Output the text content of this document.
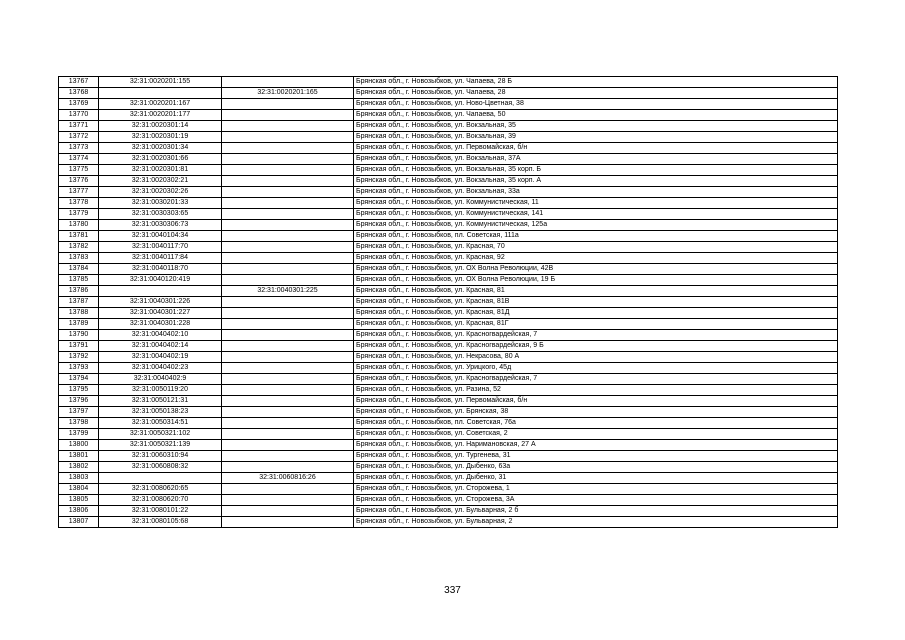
13767	32:31:0020201:155		Брянская обл., г. Новозыбков, ул. Чапаева, 28 Б
13768		32:31:0020201:165	Брянская обл., г. Новозыбков, ул. Чапаева, 28
13769	32:31:0020201:167		Брянская обл., г. Новозыбков, ул. Ново-Цветная, 38
13770	32:31:0020201:177		Брянская обл., г. Новозыбков, ул. Чапаева, 50
13771	32:31:0020301:14		Брянская обл., г. Новозыбков, ул. Вокзальная, 35
13772	32:31:0020301:19		Брянская обл., г. Новозыбков, ул. Вокзальная, 39
13773	32:31:0020301:34		Брянская обл., г. Новозыбков, ул. Первомайская, б/н
13774	32:31:0020301:66		Брянская обл., г. Новозыбков, ул. Вокзальная, 37А
13775	32:31:0020301:81		Брянская обл., г. Новозыбков, ул. Вокзальная, 35 корп. Б
13776	32:31:0020302:21		Брянская обл., г. Новозыбков, ул. Вокзальная, 35 корп. А
13777	32:31:0020302:26		Брянская обл., г. Новозыбков, ул. Вокзальная, 33а
13778	32:31:0030201:33		Брянская обл., г. Новозыбков, ул. Коммунистическая, 11
13779	32:31:0030303:65		Брянская обл., г. Новозыбков, ул. Коммунистическая, 141
13780	32:31:0030306:73		Брянская обл., г. Новозыбков, ул. Коммунистическая, 125а
13781	32:31:0040104:34		Брянская обл., г. Новозыбков, пл. Советская, 111а
13782	32:31:0040117:70		Брянская обл., г. Новозыбков, ул. Красная, 70
13783	32:31:0040117:84		Брянская обл., г. Новозыбков, ул. Красная, 92
13784	32:31:0040118:70		Брянская обл., г. Новозыбков, ул. ОХ Волна Революции, 42В
13785	32:31:0040120:419		Брянская обл., г. Новозыбков, ул. ОХ Волна Революции, 19 Б
13786		32:31:0040301:225	Брянская обл., г. Новозыбков, ул. Красная, 81
13787	32:31:0040301:226		Брянская обл., г. Новозыбков, ул. Красная, 81В
13788	32:31:0040301:227		Брянская обл., г. Новозыбков, ул. Красная, 81Д
13789	32:31:0040301:228		Брянская обл., г. Новозыбков, ул. Красная, 81Г
13790	32:31:0040402:10		Брянская обл., г. Новозыбков, ул. Красногвардейская, 7
13791	32:31:0040402:14		Брянская обл., г. Новозыбков, ул. Красногвардейская, 9 Б
13792	32:31:0040402:19		Брянская обл., г. Новозыбков, ул. Некрасова, 80 А
13793	32:31:0040402:23		Брянская обл., г. Новозыбков, ул. Урицкого, 45д
13794	32:31:0040402:9		Брянская обл., г. Новозыбков, ул. Красногвардейская, 7
13795	32:31:0050119:20		Брянская обл., г. Новозыбков, ул. Разина, 52
13796	32:31:0050121:31		Брянская обл., г. Новозыбков, ул. Первомайская, б/н
13797	32:31:0050138:23		Брянская обл., г. Новозыбков, ул. Брянская, 38
13798	32:31:0050314:51		Брянская обл., г. Новозыбков, пл. Советская, 76а
13799	32:31:0050321:102		Брянская обл., г. Новозыбков, ул. Советская, 2
13800	32:31:0050321:139		Брянская обл., г. Новозыбков, ул. Наримановская, 27 А
13801	32:31:0060310:94		Брянская обл., г. Новозыбков, ул. Тургенева, 31
13802	32:31:0060808:32		Брянская обл., г. Новозыбков, ул. Дыбенко, 63а
13803		32:31:0060816:26	Брянская обл., г. Новозыбков, ул. Дыбенко, 31
13804	32:31:0080620:65		Брянская обл., г. Новозыбков, ул. Сторожева, 1
13805	32:31:0080620:70		Брянская обл., г. Новозыбков, ул. Сторожева, 3А
13806	32:31:0080101:22		Брянская обл., г. Новозыбков, ул. Бульварная, 2 б
13807	32:31:0080105:68		Брянская обл., г. Новозыбков, ул. Бульварная, 2
337
